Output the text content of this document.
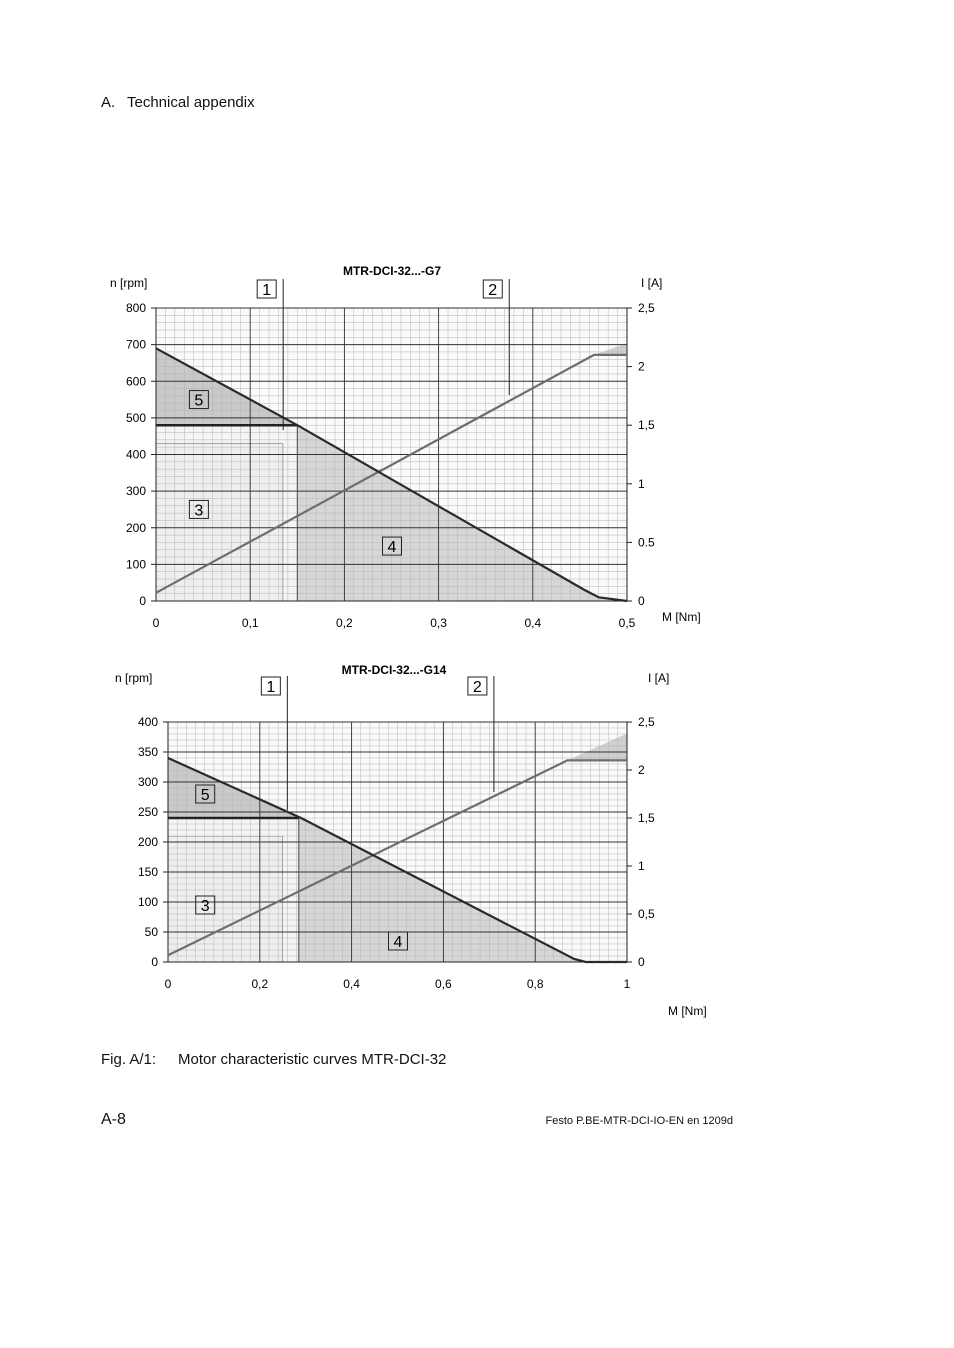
A. Technical appendix
0
100
200
300
400
500
600
700
800
0
0.5
1
1,5
2
2,5
0	0,1	0,2	0,3	0,4	0,5
n [rpm]	I [A]
M [Nm]
MTR-DCI-32...-G7
1	2
5
3
4
0
50
100
150
200
250
300
350
400
0
0,5
1
1,5
2
2,5
0	0,2	0,4	0,6	0,8	1
n [rpm]	I [A]
M [Nm]
MTR-DCI-32...-G14
1	2
5
3
4
Fig. A/1: Motor characteristic curves MTR-DCI-32
A-8	Festo P.BE-MTR-DCI-IO-EN en 1209d
